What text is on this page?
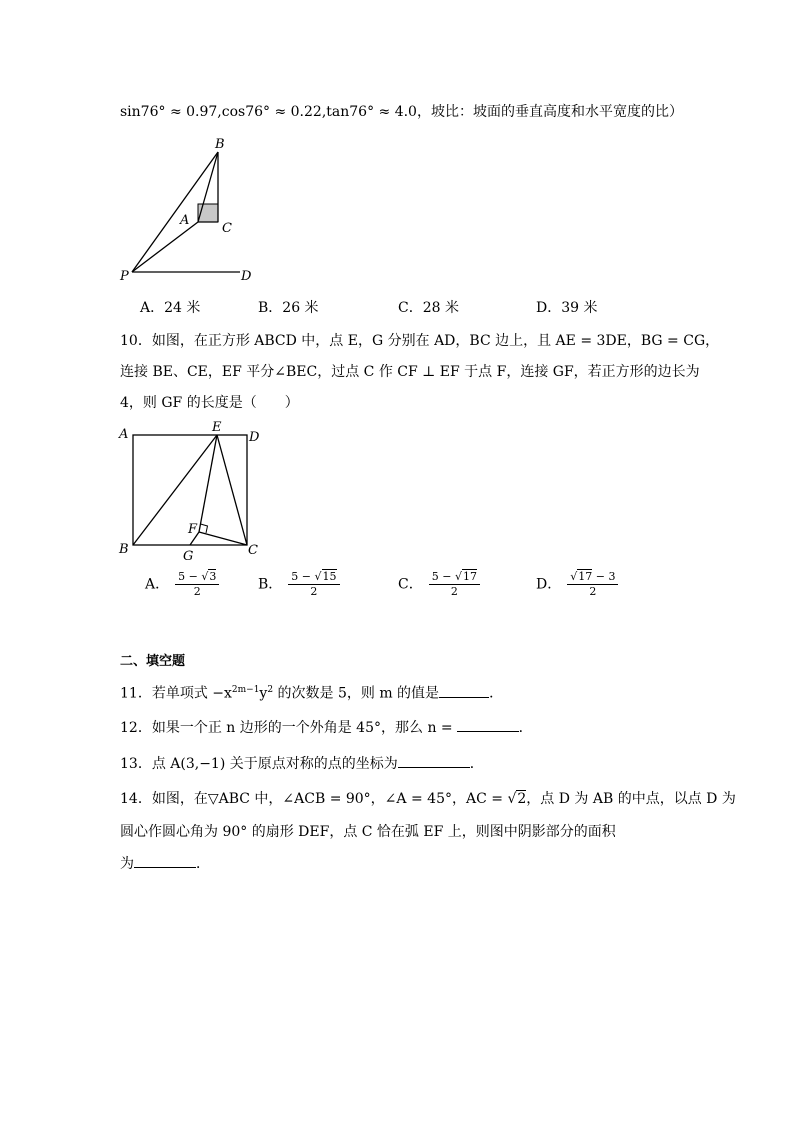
sin76° ≈ 0.97,cos76° ≈ 0.22,tan76° ≈ 4.0，坡比：坡面的垂直高度和水平宽度的比）
B
A
C
P	D
A．24 米	B．26 米	C．28 米	D．39 米
10．如图，在正方形 ABCD 中，点 E，G 分别在 AD，BC 边上，且 AE = 3DE，BG = CG，
连接 BE、CE，EF 平分∠BEC，过点 C 作 CF ⊥ EF 于点 F，连接 GF，若正方形的边长为
4，则 GF 的长度是（　　）
A	E
D
F
B	G	C
A． $\frac{5 - √3}{2}$	B． $\frac{5 - √15}{2}$	C． $\frac{5 - √17}{2}$	D． $\frac{√17 - 3}{2}$
二、填空题
11．若单项式 $-x^{2m-1}y^2$ 的次数是 5，则 m 的值是	．
12．如果一个正 n 边形的一个外角是 45°，那么 n =	．
13．点 A(3,−1) 关于原点对称的点的坐标为	．
14．如图，在▽ABC 中，∠ACB = 90°，∠A = 45°，AC = √2，点 D 为 AB 的中点，以点 D 为
圆心作圆心角为 90° 的扇形 DEF，点 C 恰在弧 EF 上，则图中阴影部分的面积
为	．
